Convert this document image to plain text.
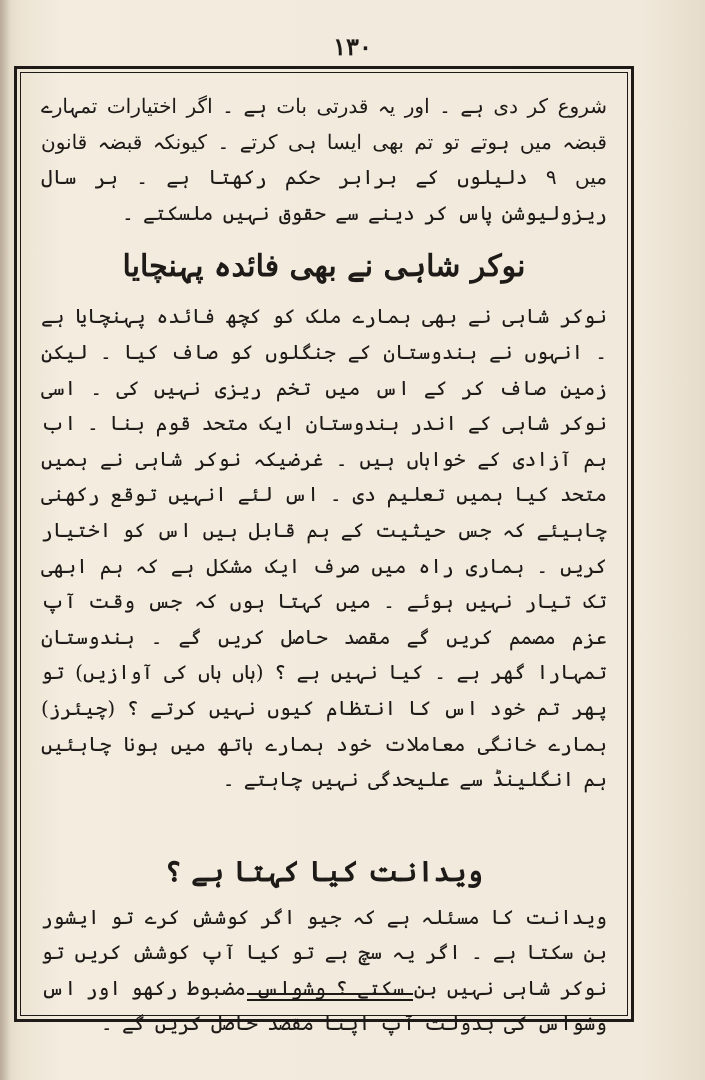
١٣٠

شروع کر دی ہے ۔ اور یہ قدرتی بات ہے ۔ اگر اختیارات تمہارے قبضہ میں ہوتے تو تم بھی ایسا ہی کرتے ۔ کیونکہ قبضہ قانون میں ۹ دلیلوں کے برابر حکم رکھتا ہے ۔ ہر سال ریزولیوشن پاس کر دینے سے حقوق نہیں ملسکتے ۔

نوکر شاہی نے بھی فائدہ پہنچایا

نوکر شاہی نے بھی ہمارے ملک کو کچھ فائدہ پہنچایا ہے ۔ انہوں نے ہندوستان کے جنگلوں کو صاف کیا ۔ لیکن زمین صاف کر کے اس میں تخم ریزی نہیں کی ۔ اسی نوکر شاہی کے اندر ہندوستان ایک متحد قوم بنا ۔ اب ہم آزادی کے خواہاں ہیں ۔ غرضیکہ نوکر شاہی نے ہمیں متحد کیا ہمیں تعلیم دی ۔ اس لئے انہیں توقع رکھنی چاہیئے کہ جس حیثیت کے ہم قابل ہیں اس کو اختیار کریں ۔ ہماری راہ میں صرف ایک مشکل ہے کہ ہم ابھی تک تیار نہیں ہوئے ۔ میں کہتا ہوں کہ جس وقت آپ عزم مصمم کریں گے مقصد حاصل کریں گے ۔ ہندوستان تمہارا گھر ہے ۔ کیا نہیں ہے ؟ (ہاں ہاں کی آوازیں) تو پھر تم خود اس کا انتظام کیوں نہیں کرتے ؟ (چیئرز) ہمارے خانگی معاملات خود ہمارے ہاتھ میں ہونا چاہئیں ہم انگلینڈ سے علیحدگی نہیں چاہتے ۔

ویدانت کیا کہتا ہے ؟

ویدانت کا مسئلہ ہے کہ جیو اگر کوشش کرے تو ایشور بن سکتا ہے ۔ اگر یہ سچ ہے تو کیا آپ کوشش کریں تو نوکر شاہی نہیں بن سکتے ؟ وشواس مضبوط رکھو اور اس وشواس کی بدولت آپ اپنا مقصد حاصل کریں گے ۔
